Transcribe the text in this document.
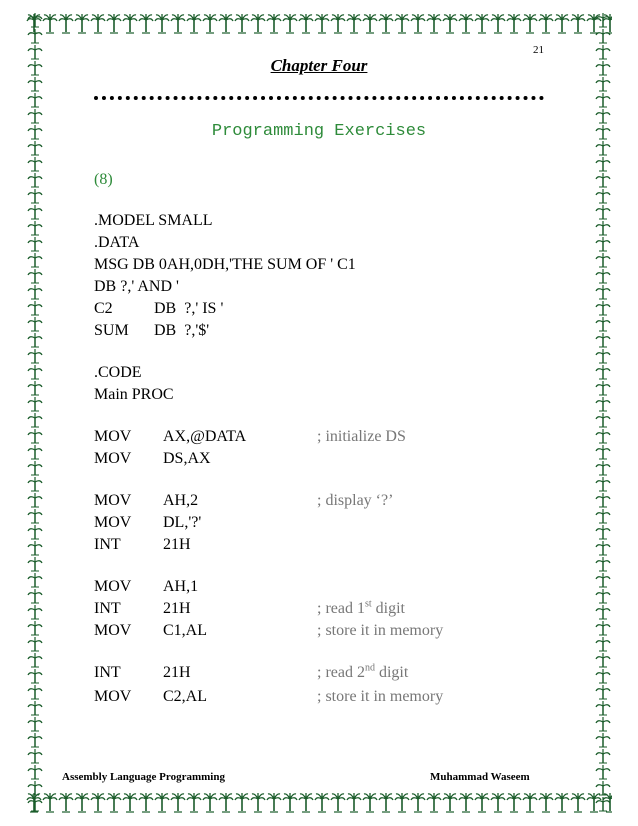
21
Chapter Four
Programming Exercises
(8)
.MODEL SMALL
.DATA
MSG DB 0AH,0DH,'THE SUM OF ' C1
DB ?,' AND '
C2	DB  ?,' IS '
SUM DB  ?,'$'
.CODE
Main PROC
MOV AX,@DATA	; initialize DS
MOV DS,AX
MOV AH,2	; display ‘?’
MOV DL,'?'
INT	21H
MOV AH,1
INT	21H	; read 1st digit
MOV C1,AL	; store it in memory
INT	21H	; read 2nd digit
MOV C2,AL	; store it in memory
Assembly Language Programming	Muhammad Waseem
